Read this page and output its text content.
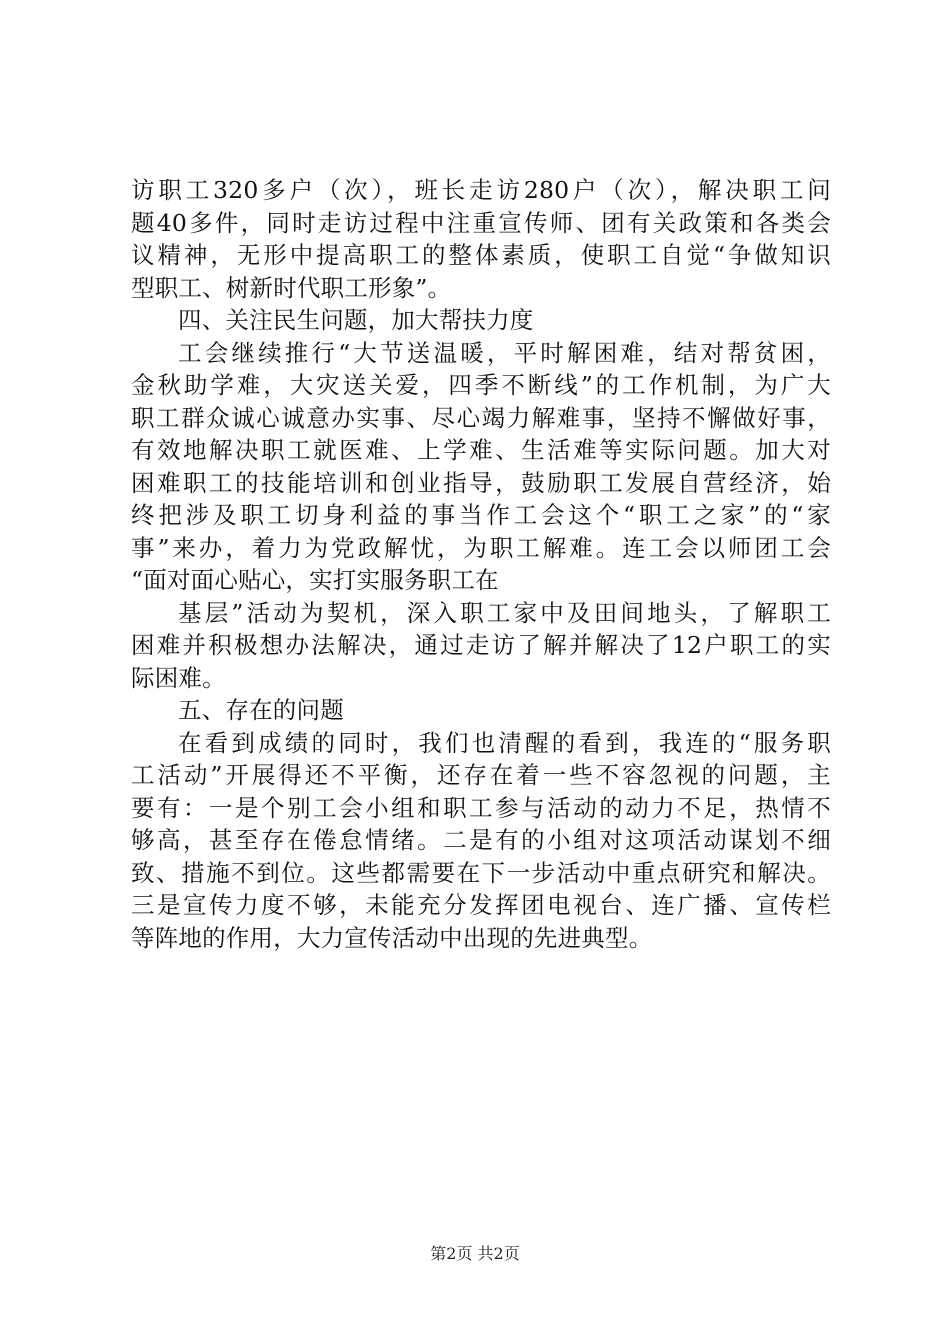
访职工320多户（次），班长走访280户（次），解决职工问
题40多件，同时走访过程中注重宣传师、团有关政策和各类会
议精神，无形中提高职工的整体素质，使职工自觉“争做知识
型职工、树新时代职工形象”。
四、关注民生问题，加大帮扶力度
工会继续推行“大节送温暖，平时解困难，结对帮贫困，
金秋助学难，大灾送关爱，四季不断线”的工作机制，为广大
职工群众诚心诚意办实事、尽心竭力解难事，坚持不懈做好事，
有效地解决职工就医难、上学难、生活难等实际问题。加大对
困难职工的技能培训和创业指导，鼓励职工发展自营经济，始
终把涉及职工切身利益的事当作工会这个“职工之家”的“家
事”来办，着力为党政解忧，为职工解难。连工会以师团工会
“面对面心贴心，实打实服务职工在
基层”活动为契机，深入职工家中及田间地头，了解职工
困难并积极想办法解决，通过走访了解并解决了12户职工的实
际困难。
五、存在的问题
在看到成绩的同时，我们也清醒的看到，我连的“服务职
工活动”开展得还不平衡，还存在着一些不容忽视的问题，主
要有：一是个别工会小组和职工参与活动的动力不足，热情不
够高，甚至存在倦怠情绪。二是有的小组对这项活动谋划不细
致、措施不到位。这些都需要在下一步活动中重点研究和解决。
三是宣传力度不够，未能充分发挥团电视台、连广播、宣传栏
等阵地的作用，大力宣传活动中出现的先进典型。
第2页 共2页
